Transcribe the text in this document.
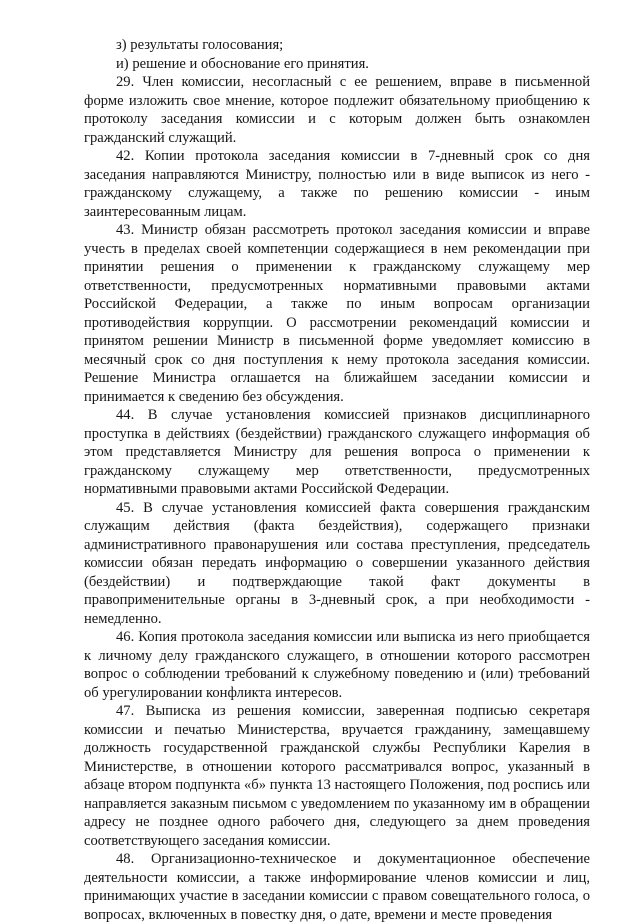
з) результаты голосования;
и) решение и обоснование его принятия.

29. Член комиссии, несогласный с ее решением, вправе в письменной форме изложить свое мнение, которое подлежит обязательному приобщению к протоколу заседания комиссии и с которым должен быть ознакомлен гражданский служащий.

42. Копии протокола заседания комиссии в 7-дневный срок со дня заседания направляются Министру, полностью или в виде выписок из него - гражданскому служащему, а также по решению комиссии - иным заинтересованным лицам.

43. Министр обязан рассмотреть протокол заседания комиссии и вправе учесть в пределах своей компетенции содержащиеся в нем рекомендации при принятии решения о применении к гражданскому служащему мер ответственности, предусмотренных нормативными правовыми актами Российской Федерации, а также по иным вопросам организации противодействия коррупции. О рассмотрении рекомендаций комиссии и принятом решении Министр в письменной форме уведомляет комиссию в месячный срок со дня поступления к нему протокола заседания комиссии. Решение Министра оглашается на ближайшем заседании комиссии и принимается к сведению без обсуждения.

44. В случае установления комиссией признаков дисциплинарного проступка в действиях (бездействии) гражданского служащего информация об этом представляется Министру для решения вопроса о применении к гражданскому служащему мер ответственности, предусмотренных нормативными правовыми актами Российской Федерации.

45. В случае установления комиссией факта совершения гражданским служащим действия (факта бездействия), содержащего признаки административного правонарушения или состава преступления, председатель комиссии обязан передать информацию о совершении указанного действия (бездействии) и подтверждающие такой факт документы в правоприменительные органы в 3-дневный срок, а при необходимости - немедленно.

46. Копия протокола заседания комиссии или выписка из него приобщается к личному делу гражданского служащего, в отношении которого рассмотрен вопрос о соблюдении требований к служебному поведению и (или) требований об урегулировании конфликта интересов.

47. Выписка из решения комиссии, заверенная подписью секретаря комиссии и печатью Министерства, вручается гражданину, замещавшему должность государственной гражданской службы Республики Карелия в Министерстве, в отношении которого рассматривался вопрос, указанный в абзаце втором подпункта «б» пункта 13 настоящего Положения, под роспись или направляется заказным письмом с уведомлением по указанному им в обращении адресу не позднее одного рабочего дня, следующего за днем проведения соответствующего заседания комиссии.

48. Организационно-техническое и документационное обеспечение деятельности комиссии, а также информирование членов комиссии и лиц, принимающих участие в заседании комиссии с правом совещательного голоса, о вопросах, включенных в повестку дня, о дате, времени и месте проведения
